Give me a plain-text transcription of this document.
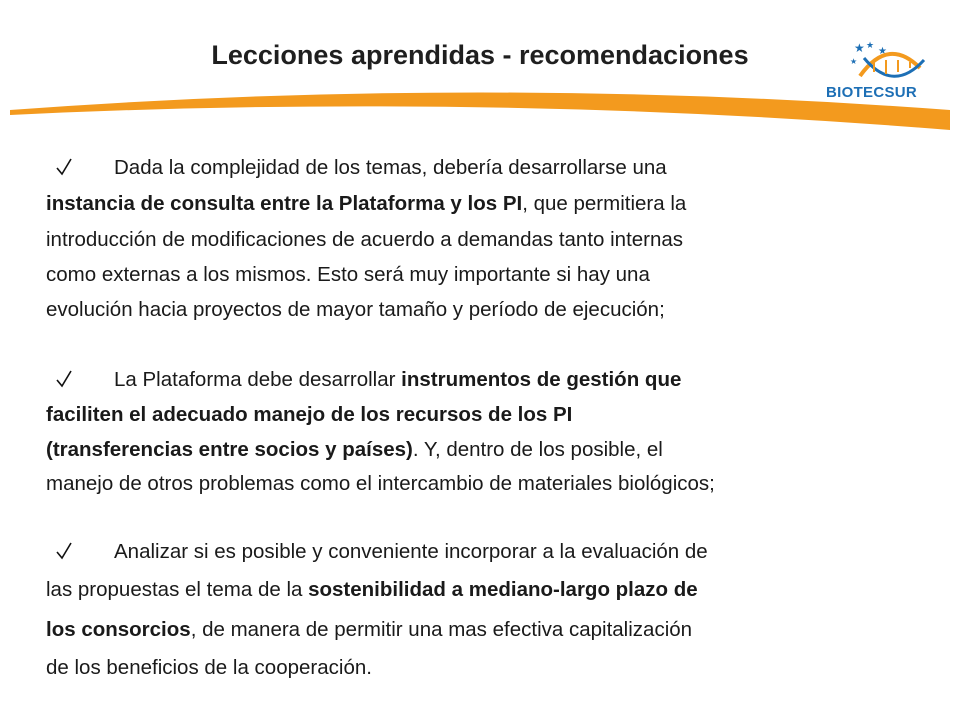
Lecciones aprendidas - recomendaciones	★ ★
★
★
BIOTECSUR
Dada la complejidad de los temas, debería desarrollarse una
instancia de consulta entre la Plataforma y los PI, que permitiera la
introducción de modificaciones de acuerdo a demandas tanto internas
como externas a los mismos. Esto será muy importante si hay una
evolución hacia proyectos de mayor tamaño y período de ejecución;
La Plataforma debe desarrollar instrumentos de gestión que
faciliten el adecuado manejo de los recursos de los PI
(transferencias entre socios y países). Y, dentro de los posible, el
manejo de otros problemas como el intercambio de materiales biológicos;
Analizar si es posible y conveniente incorporar a la evaluación de
las propuestas el tema de la sostenibilidad a mediano-largo plazo de
los consorcios, de manera de permitir una mas efectiva capitalización
de los beneficios de la cooperación.
